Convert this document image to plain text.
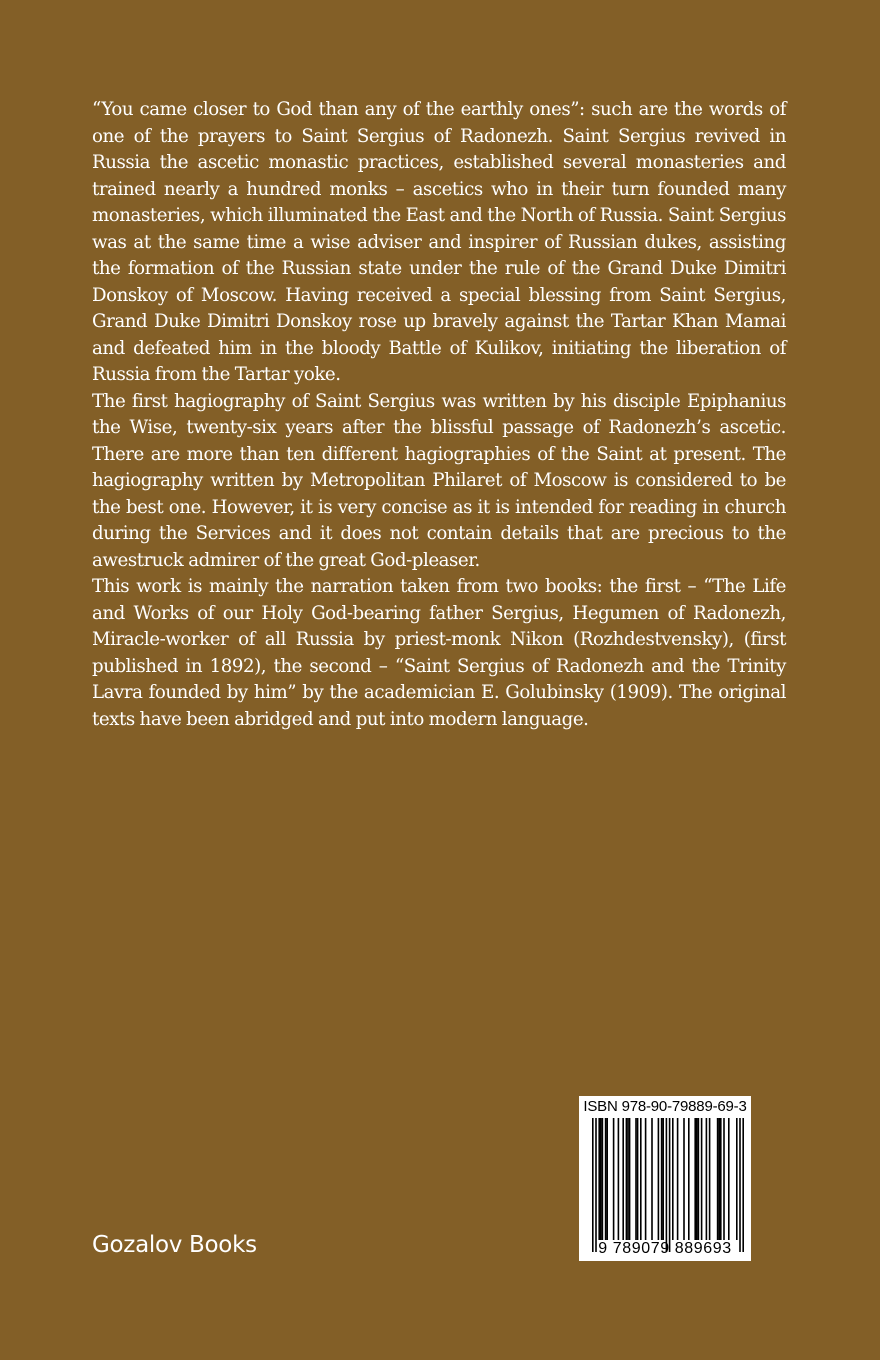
“You came closer to God than any of the earthly ones”: such are the words of one of the prayers to Saint Sergius of Radonezh. Saint Sergius revived in Russia the ascetic monastic practices, established several monasteries and trained nearly a hundred monks – ascetics who in their turn founded many monasteries, which illuminated the East and the North of Russia. Saint Sergius was at the same time a wise adviser and inspirer of Russian dukes, assisting the formation of the Russian state under the rule of the Grand Duke Dimitri Donskoy of Moscow. Having received a special blessing from Saint Sergius, Grand Duke Dimitri Donskoy rose up bravely against the Tartar Khan Mamai and defeated him in the bloody Battle of Kulikov, initiating the liberation of Russia from the Tartar yoke.

The first hagiography of Saint Sergius was written by his disciple Epiphanius the Wise, twenty-six years after the blissful passage of Radonezh’s ascetic. There are more than ten different hagiographies of the Saint at present. The hagiography written by Metropolitan Philaret of Moscow is considered to be the best one. However, it is very concise as it is intended for reading in church during the Services and it does not contain details that are precious to the awestruck admirer of the great God-pleaser.

This work is mainly the narration taken from two books: the first – “The Life and Works of our Holy God-bearing father Sergius, Hegumen of Radonezh, Miracle-worker of all Russia by priest-monk Nikon (Rozhdestvensky), (first published in 1892), the second – “Saint Sergius of Radonezh and the Trinity Lavra founded by him” by the academician E. Golubinsky (1909). The original texts have been abridged and put into modern language.

ISBN 978-90-79889-69-3
9 789079 889693
Gozalov Books
